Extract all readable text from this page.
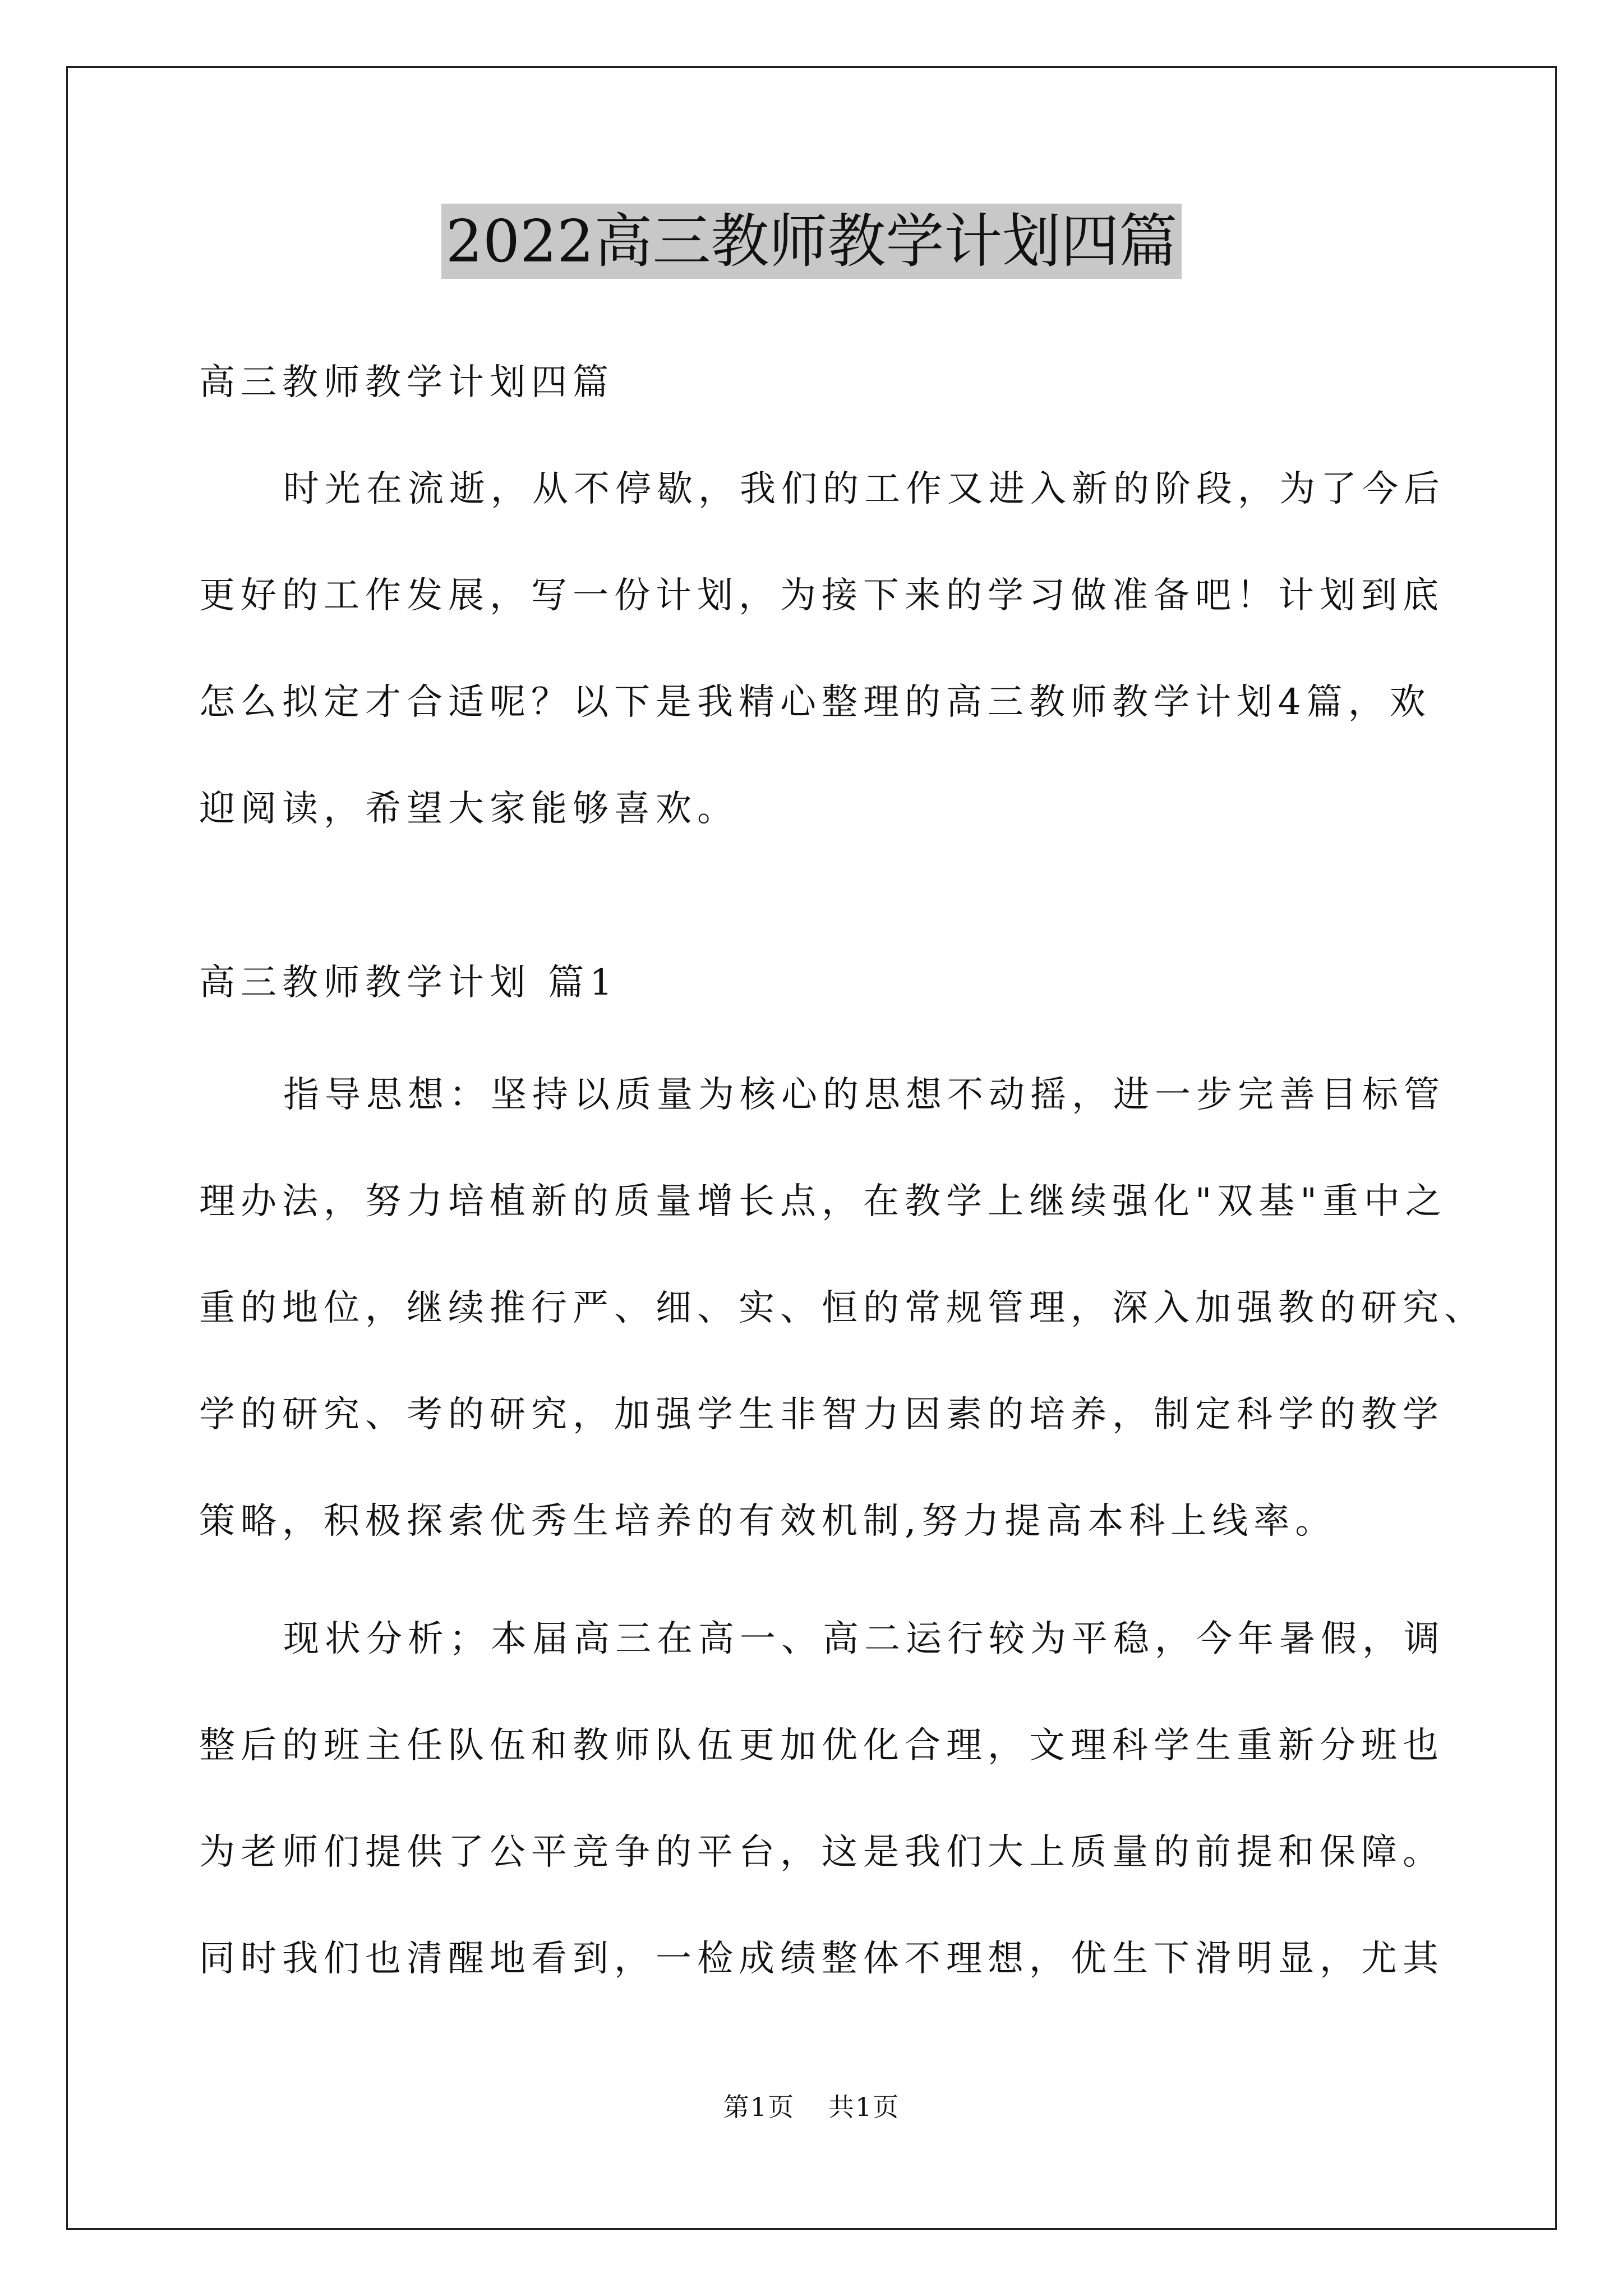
2022高三教师教学计划四篇

高三教师教学计划四篇

时光在流逝，从不停歇，我们的工作又进入新的阶段，为了今后

更好的工作发展，写一份计划，为接下来的学习做准备吧！计划到底

怎么拟定才合适呢？以下是我精心整理的高三教师教学计划4篇，欢

迎阅读，希望大家能够喜欢。

高三教师教学计划 篇1

指导思想：坚持以质量为核心的思想不动摇，进一步完善目标管

理办法，努力培植新的质量增长点，在教学上继续强化"双基"重中之

重的地位，继续推行严、细、实、恒的常规管理，深入加强教的研究、

学的研究、考的研究，加强学生非智力因素的培养，制定科学的教学

策略，积极探索优秀生培养的有效机制,努力提高本科上线率。

现状分析；本届高三在高一、高二运行较为平稳，今年暑假，调

整后的班主任队伍和教师队伍更加优化合理，文理科学生重新分班也

为老师们提供了公平竞争的平台，这是我们大上质量的前提和保障。

同时我们也清醒地看到，一检成绩整体不理想，优生下滑明显，尤其

第1页 共1页
